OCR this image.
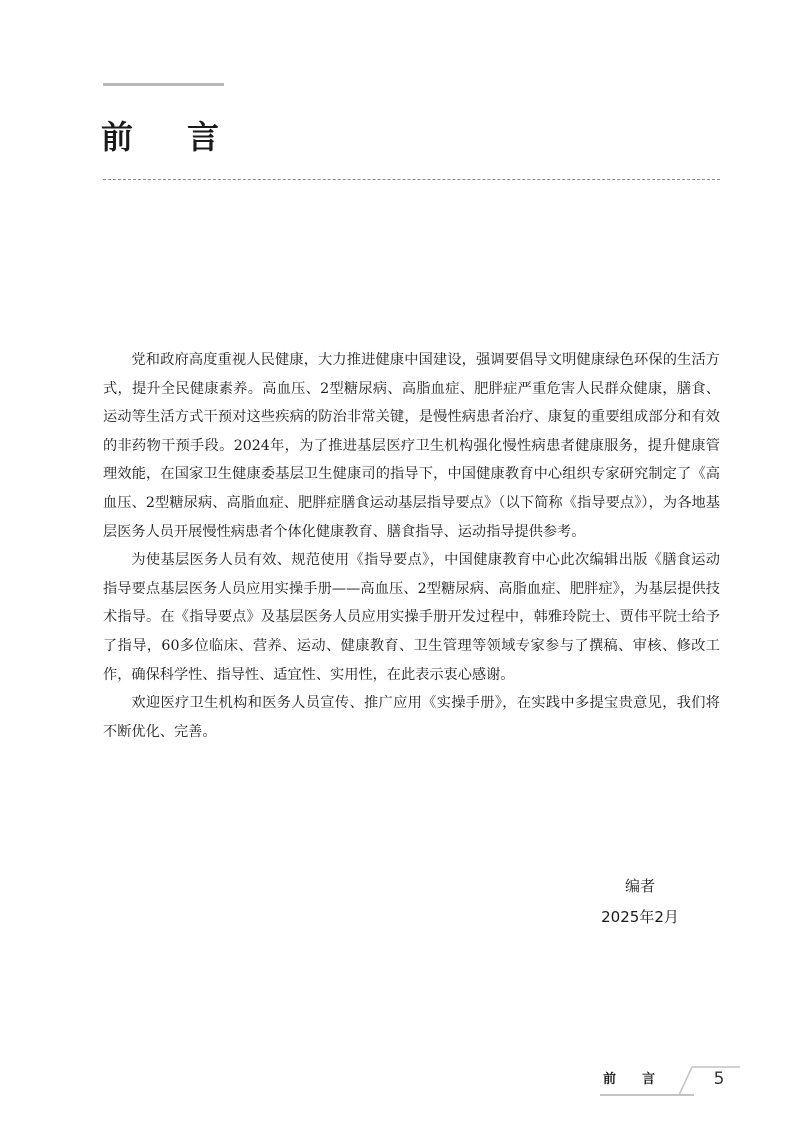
前言

党和政府高度重视人民健康，大力推进健康中国建设，强调要倡导文明健康绿色环保的生活方式，提升全民健康素养。高血压、2型糖尿病、高脂血症、肥胖症严重危害人民群众健康，膳食、运动等生活方式干预对这些疾病的防治非常关键，是慢性病患者治疗、康复的重要组成部分和有效的非药物干预手段。2024年，为了推进基层医疗卫生机构强化慢性病患者健康服务，提升健康管理效能，在国家卫生健康委基层卫生健康司的指导下，中国健康教育中心组织专家研究制定了《高血压、2型糖尿病、高脂血症、肥胖症膳食运动基层指导要点》（以下简称《指导要点》），为各地基层医务人员开展慢性病患者个体化健康教育、膳食指导、运动指导提供参考。

为使基层医务人员有效、规范使用《指导要点》，中国健康教育中心此次编辑出版《膳食运动指导要点基层医务人员应用实操手册——高血压、2型糖尿病、高脂血症、肥胖症》，为基层提供技术指导。在《指导要点》及基层医务人员应用实操手册开发过程中，韩雅玲院士、贾伟平院士给予了指导，60多位临床、营养、运动、健康教育、卫生管理等领域专家参与了撰稿、审核、修改工作，确保科学性、指导性、适宜性、实用性，在此表示衷心感谢。

欢迎医疗卫生机构和医务人员宣传、推广应用《实操手册》，在实践中多提宝贵意见，我们将不断优化、完善。

编者
2025年2月
前言	5
